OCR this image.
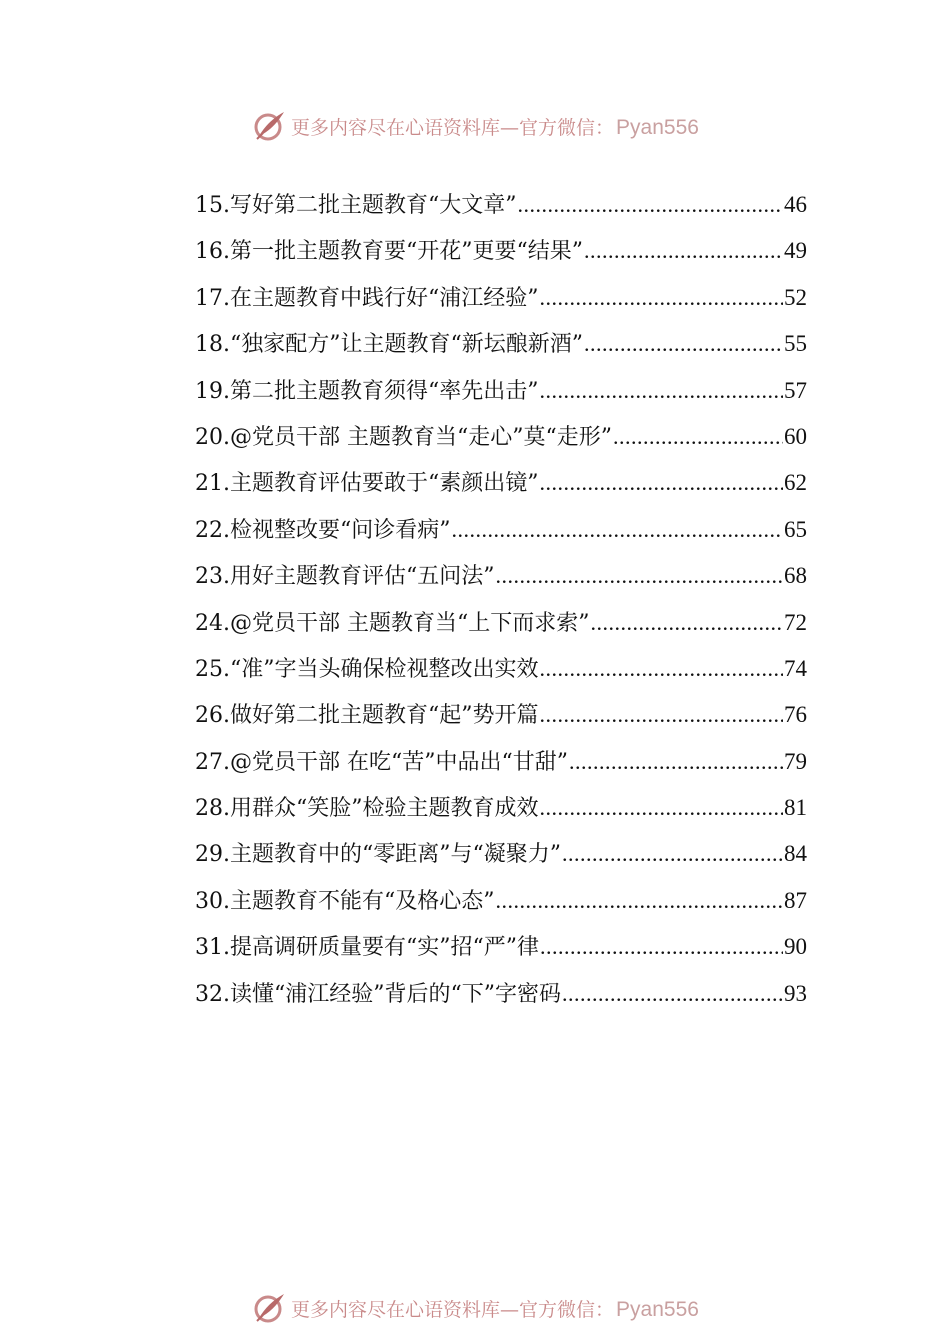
更多内容尽在心语资料库—官方微信：Pyan556
15.写好第二批主题教育“大文章” .....	46
16.第一批主题教育要“开花”更要“结果” .....	49
17.在主题教育中践行好“浦江经验” .....	52
18.“独家配方”让主题教育“新坛酿新酒” .....	55
19.第二批主题教育须得“率先出击” .....	57
20.@党员干部 主题教育当“走心”莫“走形” .....	60
21.主题教育评估要敢于“素颜出镜” .....	62
22.检视整改要“问诊看病” .....	65
23.用好主题教育评估“五问法” .....	68
24.@党员干部 主题教育当“上下而求索” .....	72
25.“准”字当头确保检视整改出实效 .....	74
26.做好第二批主题教育“起”势开篇 .....	76
27.@党员干部 在吃“苦”中品出“甘甜” .....	79
28.用群众“笑脸”检验主题教育成效 .....	81
29.主题教育中的“零距离”与“凝聚力” .....	84
30.主题教育不能有“及格心态” .....	87
31.提高调研质量要有“实”招“严”律 .....	90
32.读懂“浦江经验”背后的“下”字密码 .....	93
更多内容尽在心语资料库—官方微信：Pyan556
